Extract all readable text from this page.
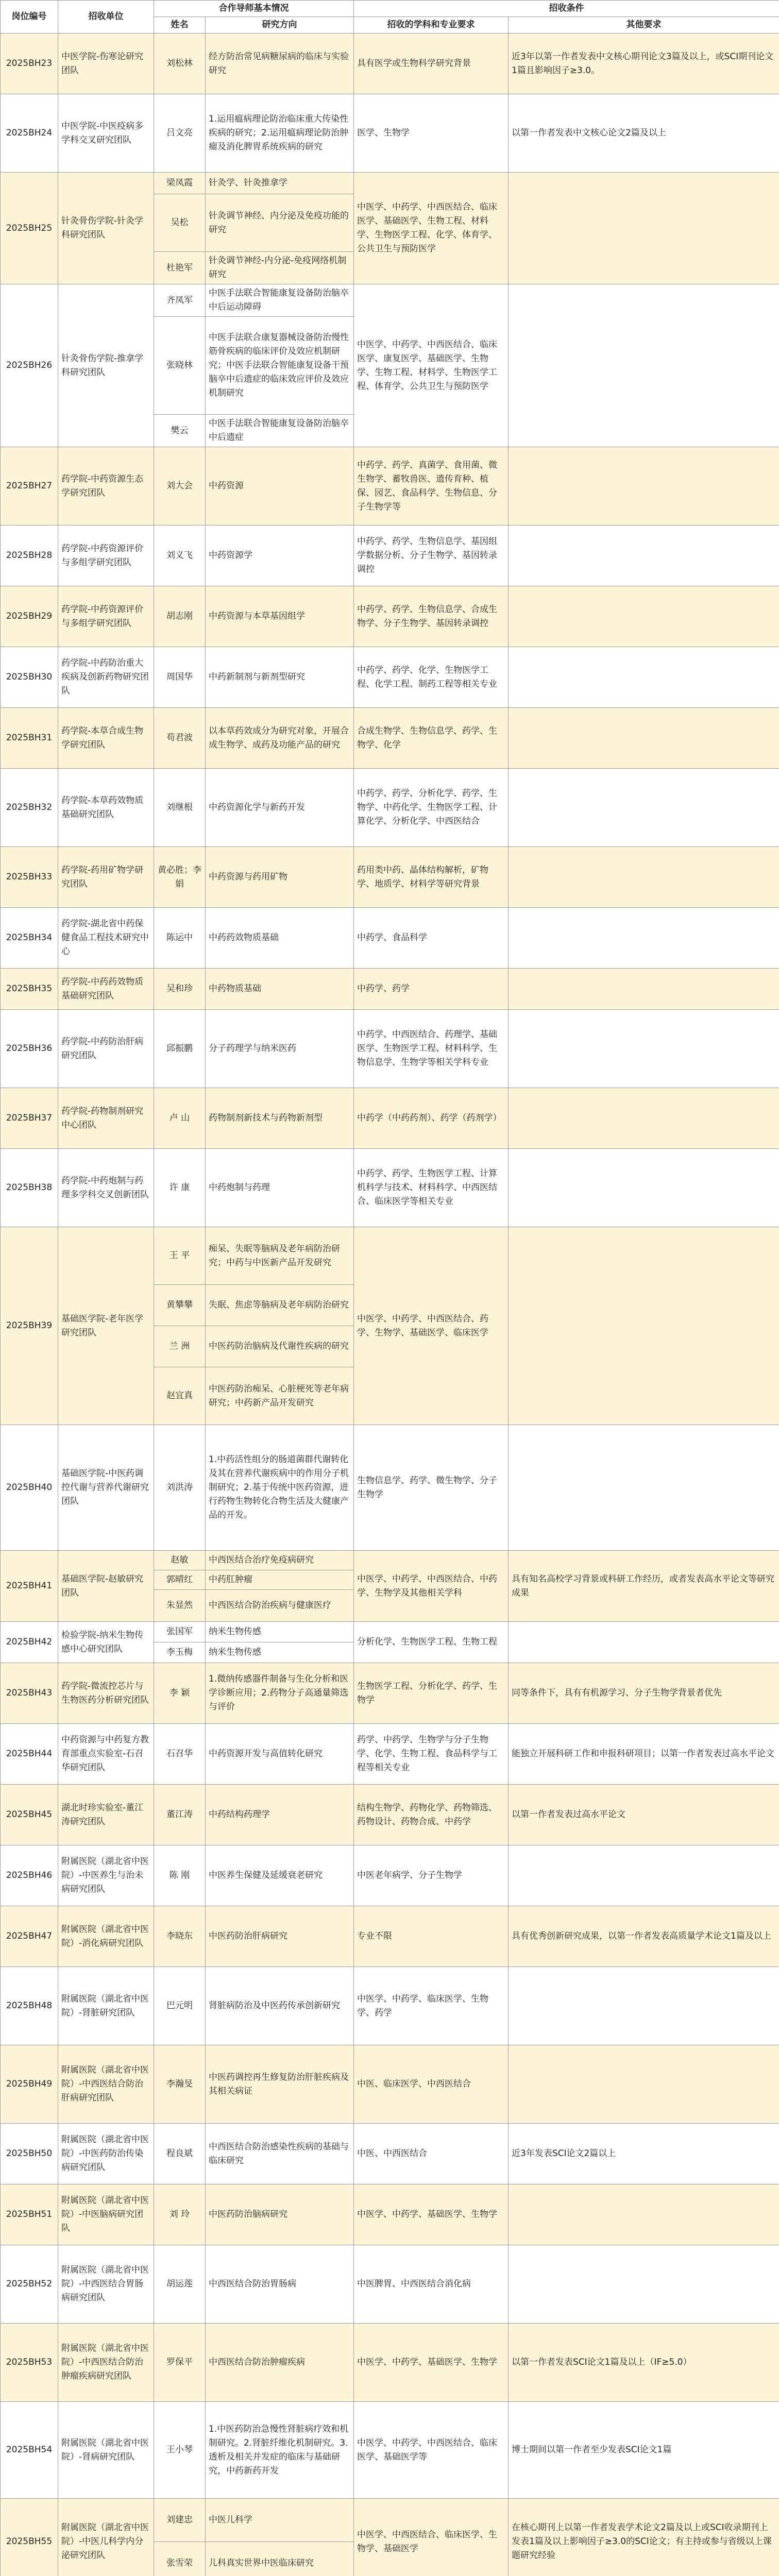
岗位编号	招收单位	合作导师基本情况		招收条件	
		姓名	研究方向	招收的学科和专业要求	其他要求
2025BH23	中医学院-伤寒论研究团队	刘松林	经方防治常见病糖尿病的临床与实验研究	具有医学或生物科学研究背景	近3年以第一作者发表中文核心期刊论文3篇及以上，或SCI期刊论文1篇且影响因子≥3.0。
2025BH24	中医学院-中医疫病多学科交叉研究团队	吕文亮	1.运用瘟病理论防治临床重大传染性疾病的研究；2.运用瘟病理论防治肿瘤及消化脾胃系统疾病的研究	医学、生物学	以第一作者发表中文核心论文2篇及以上
2025BH25	针灸骨伤学院-针灸学科研究团队	梁凤霞	针灸学、针灸推拿学	中医学、中药学、中西医结合、临床医学、基础医学、生物工程、材料学、生物医学工程、化学、体育学、公共卫生与预防医学	
		吴松	针灸调节神经、内分泌及免疫功能的研究		
		杜艳军	针灸调节神经-内分泌-免疫网络机制研究		
2025BH26	针灸骨伤学院-推拿学科研究团队	齐凤军	中医手法联合智能康复设备防治脑卒中后运动障碍	中医学、中药学、中西医结合、临床医学、康复医学、基础医学、生物学、生物工程、材料学、生物医学工程、体育学、公共卫生与预防医学	
		张晓林	中医手法联合康复器械设备防治慢性筋骨疾病的临床评价及效应机制研究；中医手法联合智能康复设备干预脑卒中后遗症的临床效应评价及效应机制研究		
		樊云	中医手法联合智能康复设备防治脑卒中后遗症		
2025BH27	药学院-中药资源生态学研究团队	刘大会	中药资源	中药学、药学、真菌学、食用菌、微生物学、蓄牧兽医、遗传育种、植保、园艺、食品科学、生物信息、分子生物学等	
2025BH28	药学院-中药资源评价与多组学研究团队	刘义飞	中药资源学	中药学、药学、生物信息学、基因组学数据分析、分子生物学、基因转录调控	
2025BH29	药学院-中药资源评价与多组学研究团队	胡志刚	中药资源与本草基因组学	中药学、药学、生物信息学、合成生物学、分子生物学、基因转录调控	
2025BH30	药学院-中药防治重大疾病及创新药物研究团队	周国华	中药新制剂与新剂型研究	中药学、药学、化学、生物医学工程、化学工程、制药工程等相关专业	
2025BH31	药学院-本草合成生物学研究团队	苟君波	以本草药效成分为研究对象，开展合成生物学、成药及功能产品的研究	合成生物学、生物信息学、药学、生物学、化学	
2025BH32	药学院-本草药效物质基础研究团队	刘继根	中药资源化学与新药开发	中药学、药学、分析化学、药学、生物学、中药化学、生物医学工程、计算化学、分析化学、中西医结合	
2025BH33	药学院-药用矿物学研究团队	黄必胜；李娟	中药资源与药用矿物	药用类中药、晶体结构解析，矿物学、地质学、材料学等研究背景	
2025BH34	药学院-湖北省中药保健食品工程技术研究中心	陈运中	中药药效物质基础	中药学、食品科学	
2025BH35	药学院-中药药效物质基础研究团队	吴和珍	中药物质基础	中药学、药学	
2025BH36	药学院-中药防治肝病研究团队	邱振鹏	分子药理学与纳米医药	中药学、中西医结合、药理学、基础医学、生物医学工程、材料科学、生物信息学、生物学等相关学科专业	
2025BH37	药学院-药物制剂研究中心团队	卢 山	药物制剂新技术与药物新剂型	中药学（中药药剂）、药学（药剂学）	
2025BH38	药学院-中药炮制与药理多学科交叉创新团队	许 康	中药炮制与药理	中药学、药学、生物医学工程、计算机科学与技术、材料科学、中西医结合、临床医学等相关专业	
2025BH39	基础医学院-老年医学研究团队	王 平	痴呆、失眠等脑病及老年病防治研究；中药与中医新产品开发研究	中医学、中药学、中西医结合、药学、生物学、基础医学、临床医学	
		黄攀攀	失眠、焦虑等脑病及老年病防治研究		
		兰 洲	中医药防治脑病及代谢性疾病的研究		
		赵宜真	中医药防治痴呆、心脏梗死等老年病研究；中药新产品开发研究		
2025BH40	基础医学院-中医药调控代谢与营养代谢研究团队	刘洪涛	1.中药活性组分的肠道菌群代谢转化及其在营养代谢疾病中的作用分子机制研究；2.基于传统中医药资源，进行药物生物转化合物生活及大健康产品的开发。	生物信息学、药学、微生物学、分子生物学	
2025BH41	基础医学院-赵敏研究团队	赵敏	中西医结合治疗免疫病研究	中医学、中药学、中西医结合、中药学、生物学及其他相关学科	具有知名高校学习背景或科研工作经历，或者发表高水平论文等研究成果
		郭晴红	中药肛肿瘤		
		朱显然	中西医结合防治疾病与健康医疗		
2025BH42	检验学院-纳米生物传感中心研究团队	张国军	纳米生物传感	分析化学、生物医学工程、生物工程	
		李玉梅	纳米生物传感		
2025BH43	药学院-微流控芯片与生物医药分析研究团队	李 颖	1.微纳传感器件制备与生化分析和医学诊断应用；2.药物分子高通量筛选与评价	生物医学工程、分析化学、药学、生物学	同等条件下，具有有机源学习、分子生物学背景者优先
2025BH44	中药资源与中药复方教育部重点实验室-石召华研究团队	石召华	中药资源开发与高值转化研究	药学、中药学、生物学与分子生物学、化学、生物工程、食品科学与工程等相关专业	能独立开展科研工作和申报科研项目；以第一作者发表过高水平论文
2025BH45	湖北时珍实验室-董江涛研究团队	董江涛	中药结构药理学	结构生物学、药物化学、药物筛选、药物设计、药物合成、中药学	以第一作者发表过高水平论文
2025BH46	附属医院（湖北省中医院）-中医养生与治未病研究团队	陈 刚	中医养生保健及延缓衰老研究	中医老年病学、分子生物学	
2025BH47	附属医院（湖北省中医院）-消化病研究团队	李晓东	中医药防治肝病研究	专业不限	具有优秀创新研究成果，以第一作者发表高质量学术论文1篇及以上
2025BH48	附属医院（湖北省中医院）-肾脏研究团队	巴元明	肾脏病防治及中医药传承创新研究	中医学、中药学、临床医学、生物学、药学	
2025BH49	附属医院（湖北省中医院）-中西医结合防治肝病研究团队	李瀚旻	中医药调控再生修复防治肝脏疾病及其相关病证	中医、临床医学、中西医结合	
2025BH50	附属医院（湖北省中医院）-中医药防治传染病研究团队	程良斌	中西医结合防治感染性疾病的基础与临床研究	中医、中西医结合	近3年发表SCI论文2篇以上
2025BH51	附属医院（湖北省中医院）-中医脑病研究团队	刘 玲	中医药防治脑病研究	中医学、中药学、基础医学、生物学	
2025BH52	附属医院（湖北省中医院）-中西医结合胃肠病研究团队	胡运莲	中西医结合防治胃肠病	中医脾胃、中西医结合消化病	
2025BH53	附属医院（湖北省中医院）-中西医结合防治肿瘤疾病研究团队	罗保平	中西医结合防治肿瘤疾病	中医学、中药学、基础医学、生物学	以第一作者发表SCI论文1篇及以上（IF≥5.0）
2025BH54	附属医院（湖北省中医院）-肾病研究团队	王小琴	1.中医药防治急慢性肾脏病疗效和机制研究。2.肾脏纤维化机制研究。3.透析及相关并发症的临床与基础研究，中药新药开发	中医学、中药学、中西医结合、临床医学、基础医学等	博士期间以第一作者至少发表SCI论文1篇
2025BH55	附属医院（湖北省中医院）-中医儿科学内分泌研究团队	刘建忠	中医儿科学	中医学、中西医结合、临床医学、生物学、基础医学	在核心期刊上以第一作者发表学术论文2篇及以上或SCI收录期刊上发表1篇及以上影响因子≥3.0的SCI论文；有主持或参与省级以上课题研究经验
		张雪荣	儿科真实世界中医临床研究		
